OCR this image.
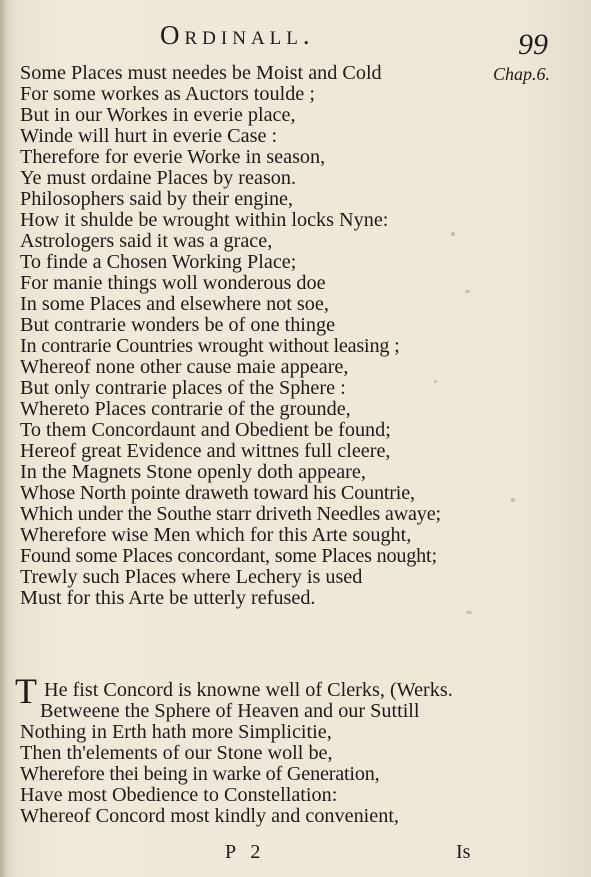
Ordinall.	99
Chap.6.
Some Places must needes be Moist and Cold
For some workes as Auctors toulde ;
But in our Workes in everie place,
Winde will hurt in everie Case :
Therefore for everie Worke in season,
Ye must ordaine Places by reason.
Philosophers said by their engine,
How it shulde be wrought within locks Nyne:
Astrologers said it was a grace,
To finde a Chosen Working Place;
For manie things woll wonderous doe
In some Places and elsewhere not soe,
But contrarie wonders be of one thinge
In contrarie Countries wrought without leasing ;
Whereof none other cause maie appeare,
But only contrarie places of the Sphere :
Whereto Places contrarie of the grounde,
To them Concordaunt and Obedient be found;
Hereof great Evidence and wittnes full cleere,
In the Magnets Stone openly doth appeare,
Whose North pointe draweth toward his Countrie,
Which under the Southe starr driveth Needles awaye;
Wherefore wise Men which for this Arte sought,
Found some Places concordant, some Places nought;
Trewly such Places where Lechery is used
Must for this Arte be utterly refused.
T He fist Concord is knowne well of Clerks, (Werks.
Betweene the Sphere of Heaven and our Suttill
Nothing in Erth hath more Simplicitie,
Then th'elements of our Stone woll be,
Wherefore thei being in warke of Generation,
Have most Obedience to Constellation:
Whereof Concord most kindly and convenient,
P 2	Is
